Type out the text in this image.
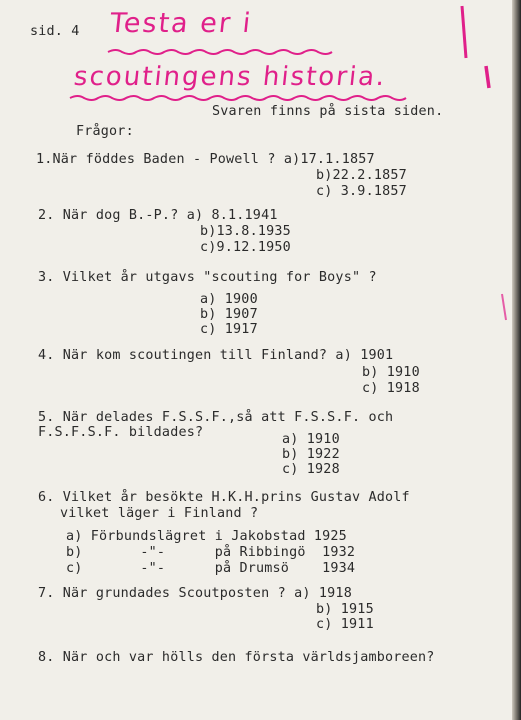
sid. 4 Testa er i
scoutingens historia.
Svaren finns på sista siden.
Frågor:
1.När föddes Baden - Powell ? a)17.1.1857
b)22.2.1857
c) 3.9.1857
2. När dog B.-P.? a) 8.1.1941
b)13.8.1935
c)9.12.1950
3. Vilket år utgavs "scouting for Boys" ?
a) 1900
b) 1907
c) 1917
4. När kom scoutingen till Finland? a) 1901
b) 1910
c) 1918
5. När delades F.S.S.F.,så att F.S.S.F. och
F.S.F.S.F. bildades?	a) 1910
b) 1922
c) 1928
6. Vilket år besökte H.K.H.prins Gustav Adolf
vilket läger i Finland ?
a) Förbundslägret i Jakobstad 1925
b)       -"-      på Ribbingö  1932
c)       -"-      på Drumsö    1934
7. När grundades Scoutposten ? a) 1918
b) 1915
c) 1911
8. När och var hölls den första världsjamboreen?
